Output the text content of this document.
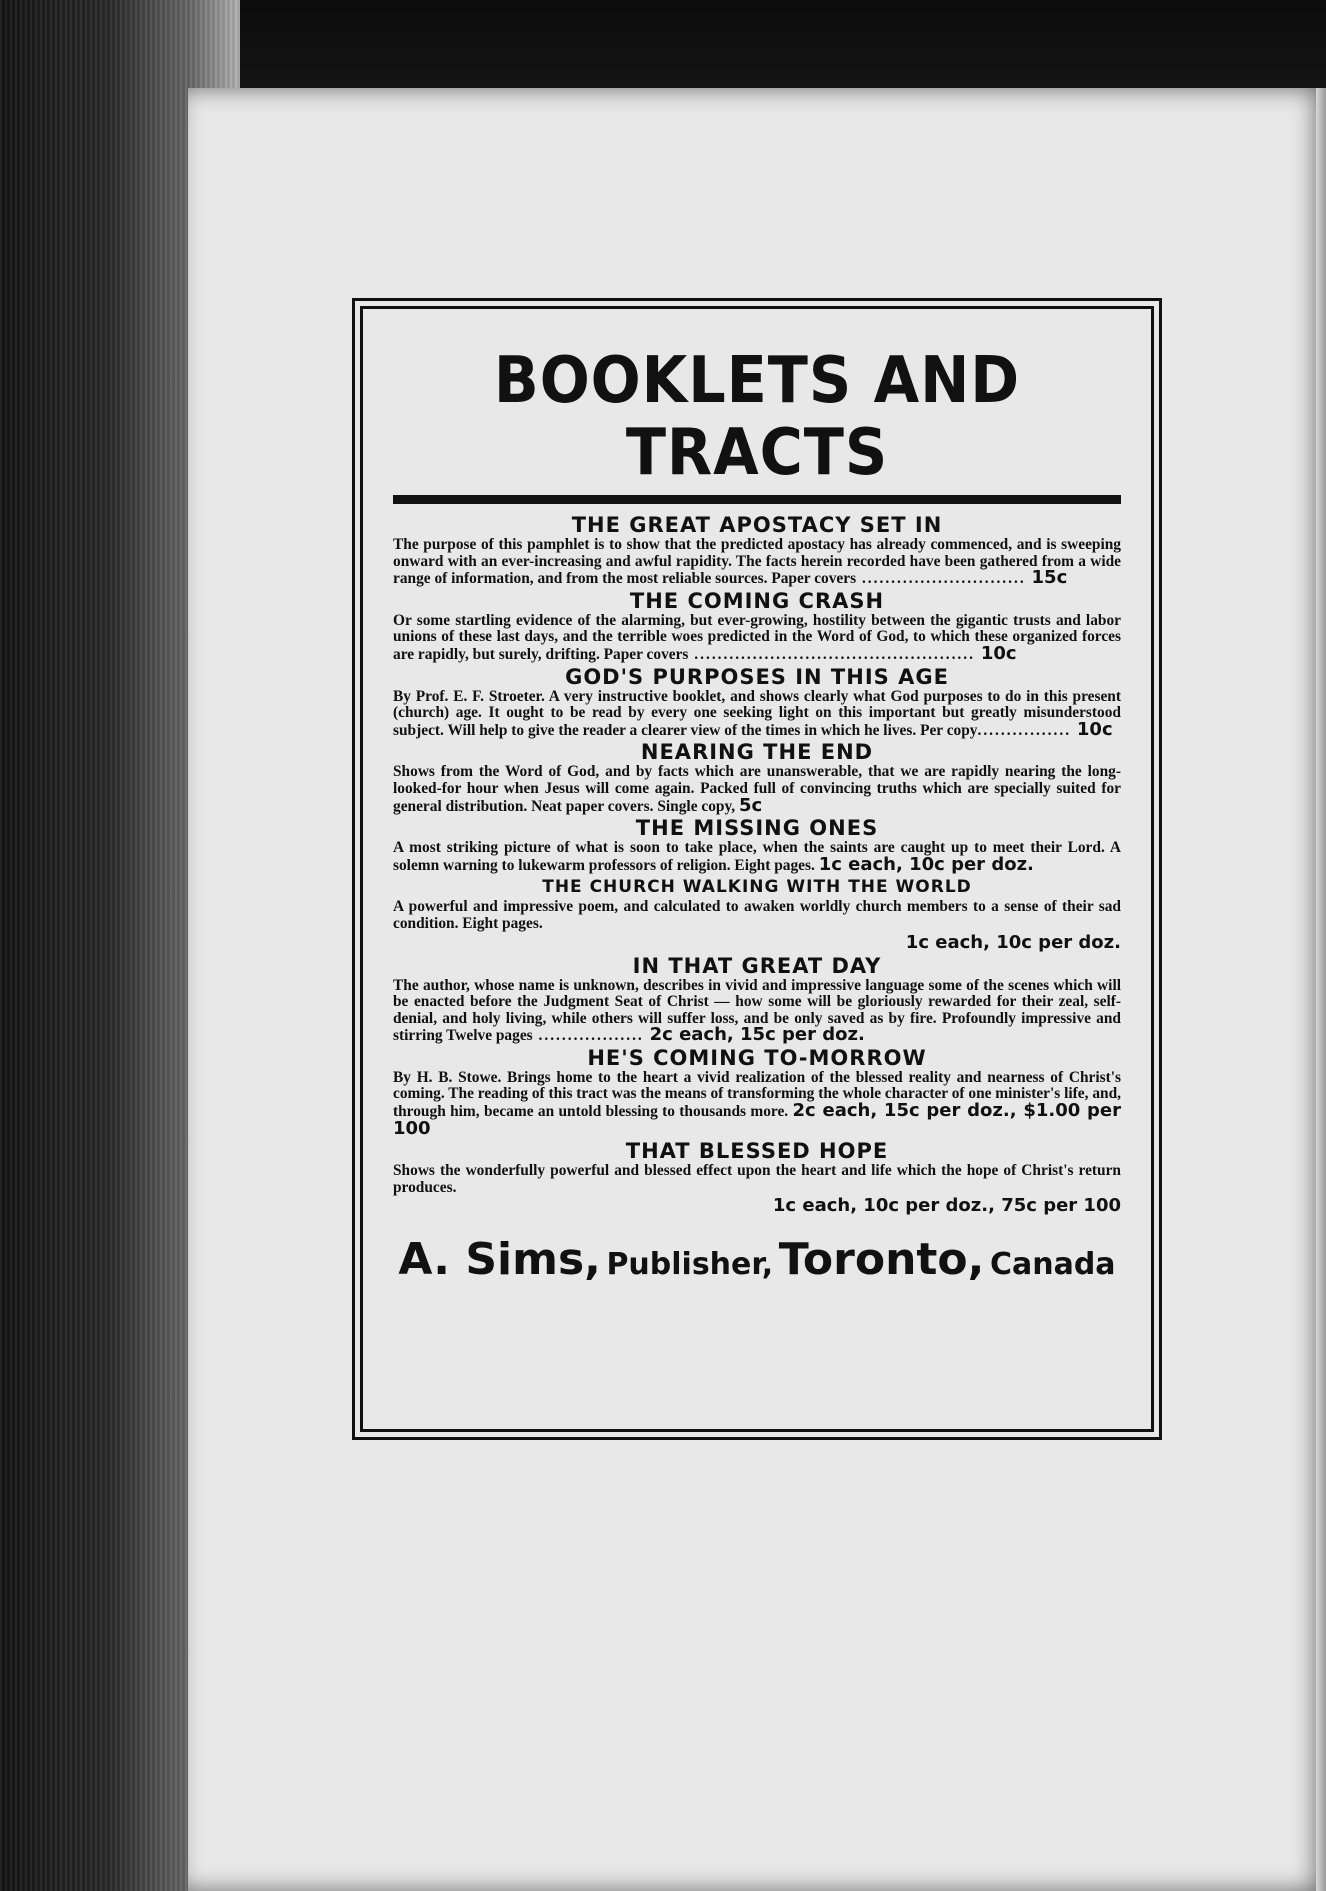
BOOKLETS AND TRACTS
THE GREAT APOSTACY SET IN

The purpose of this pamphlet is to show that the predicted apostacy has already commenced, and is sweeping onward with an ever-increasing and awful rapidity. The facts herein recorded have been gathered from a wide range of information, and from the most reliable sources. Paper covers ............................ 15c

THE COMING CRASH

Or some startling evidence of the alarming, but ever-growing, hostility between the gigantic trusts and labor unions of these last days, and the terrible woes predicted in the Word of God, to which these organized forces are rapidly, but surely, drifting. Paper covers ................................................ 10c

GOD'S PURPOSES IN THIS AGE

By Prof. E. F. Stroeter. A very instructive booklet, and shows clearly what God purposes to do in this present (church) age. It ought to be read by every one seeking light on this important but greatly misunderstood subject. Will help to give the reader a clearer view of the times in which he lives. Per copy................ 10c

NEARING THE END

Shows from the Word of God, and by facts which are unanswerable, that we are rapidly nearing the long-looked-for hour when Jesus will come again. Packed full of convincing truths which are specially suited for general distribution. Neat paper covers. Single copy, 5c

THE MISSING ONES

A most striking picture of what is soon to take place, when the saints are caught up to meet their Lord. A solemn warning to lukewarm professors of religion. Eight pages. 1c each, 10c per doz.

THE CHURCH WALKING WITH THE WORLD

A powerful and impressive poem, and calculated to awaken worldly church members to a sense of their sad condition. Eight pages.

1c each, 10c per doz.

IN THAT GREAT DAY

The author, whose name is unknown, describes in vivid and impressive language some of the scenes which will be enacted before the Judgment Seat of Christ — how some will be gloriously rewarded for their zeal, self-denial, and holy living, while others will suffer loss, and be only saved as by fire. Profoundly impressive and stirring Twelve pages .................. 2c each, 15c per doz.

HE'S COMING TO-MORROW

By H. B. Stowe. Brings home to the heart a vivid realization of the blessed reality and nearness of Christ's coming. The reading of this tract was the means of transforming the whole character of one minister's life, and, through him, became an untold blessing to thousands more. 2c each, 15c per doz., $1.00 per 100

THAT BLESSED HOPE

Shows the wonderfully powerful and blessed effect upon the heart and life which the hope of Christ's return produces.

1c each, 10c per doz., 75c per 100

A. Sims, Publisher, Toronto, Canada
